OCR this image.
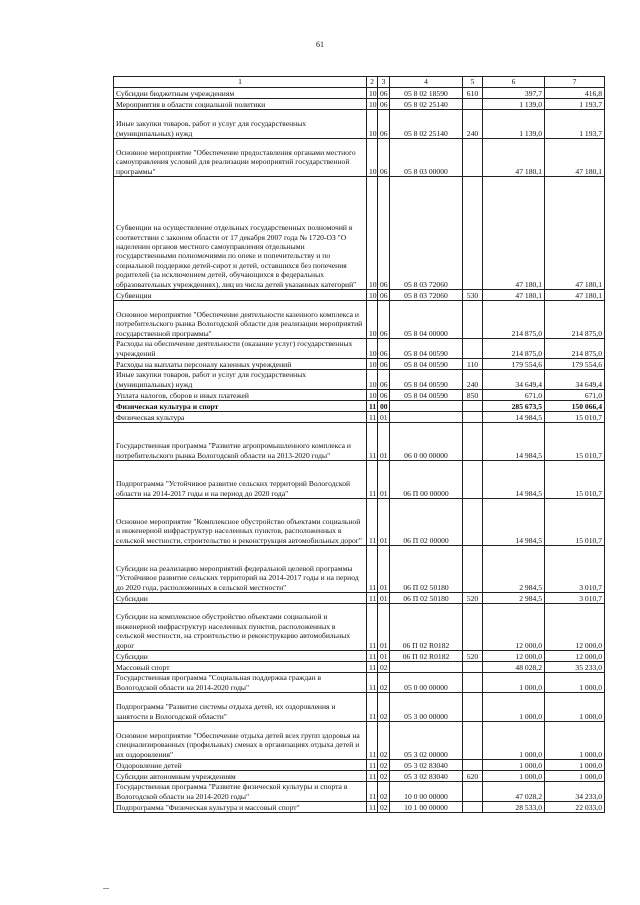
61
1	2	3	4	5	6	7
Субсидии бюджетным учреждениям	10	06	05 8 02 18590	610	397,7	416,8
Мероприятия в области социальной политики	10	06	05 8 02 25140		1 139,0	1 193,7
Иные закупки товаров, работ и услуг для государственных (муниципальных) нужд	10	06	05 8 02 25140	240	1 139,0	1 193,7
Основное мероприятие "Обеспечение предоставления органами местного самоуправления условий для реализации мероприятий государственной программы"	10	06	05 8 03 00000		47 180,1	47 180,1
Субвенции на осуществление отдельных государственных полномочий в соответствии с законом области от 17 декабря 2007 года № 1720-ОЗ "О наделении органов местного самоуправления отдельными государственными полномочиями по опеке и попечительству и по социальной поддержке детей-сирот и детей, оставшихся без попечения родителей (за исключением детей, обучающихся в федеральных образовательных учреждениях), лиц из числа детей указанных категорий"	10	06	05 8 03 72060		47 180,1	47 180,1
Субвенции	10	06	05 8 03 72060	530	47 180,1	47 180,1
Основное мероприятие "Обеспечение деятельности казенного комплекса и потребительского рынка Вологодской области для реализации мероприятий государственной программы"	10	06	05 8 04 00000		214 875,0	214 875,0
Расходы на обеспечение деятельности (оказание услуг) государственных учреждений	10	06	05 8 04 00590		214 875,0	214 875,0
Расходы на выплаты персоналу казенных учреждений	10	06	05 8 04 00590	110	179 554,6	179 554,6
Иные закупки товаров, работ и услуг для государственных (муниципальных) нужд	10	06	05 8 04 00590	240	34 649,4	34 649,4
Уплата налогов, сборов и иных платежей	10	06	05 8 04 00590	850	671,0	671,0
Физическая культура и спорт	11	00			285 673,5	150 066,4
Физическая культура	11	01			14 984,5	15 010,7
Государственная программа "Развитие агропромышленного комплекса и потребительского рынка Вологодской области на 2013-2020 годы"	11	01	06 0 00 00000		14 984,5	15 010,7
Подпрограмма "Устойчивое развитие сельских территорий Вологодской области на 2014-2017 годы и на период до 2020 года"	11	01	06 П 00 00000		14 984,5	15 010,7
Основное мероприятие "Комплексное обустройство объектами социальной и инженерной инфраструктур населенных пунктов, расположенных в сельской местности, строительство и реконструкция автомобильных дорог"	11	01	06 П 02 00000		14 984,5	15 010,7
Субсидии на реализацию мероприятий федеральной целевой программы "Устойчивое развитие сельских территорий на 2014-2017 годы и на период до 2020 года, расположенных в сельской местности"	11	01	06 П 02 50180		2 984,5	3 010,7
Субсидии	11	01	06 П 02 50180	520	2 984,5	3 010,7
Субсидии на комплексное обустройство объектами социальной и инженерной инфраструктур населенных пунктов, расположенных в сельской местности, на строительство и реконструкцию автомобильных дорог	11	01	06 П 02 R0182		12 000,0	12 000,0
Субсидии	11	01	06 П 02 R0182	520	12 000,0	12 000,0
Массовый спорт	11	02			48 028,2	35 233,0
Государственная программа "Социальная поддержка граждан в Вологодской области на 2014-2020 годы"	11	02	05 0 00 00000		1 000,0	1 000,0
Подпрограмма "Развитие системы отдыха детей, их оздоровления и занятости в Вологодской области"	11	02	05 3 00 00000		1 000,0	1 000,0
Основное мероприятие "Обеспечение отдыха детей всех групп здоровья на специализированных (профильных) сменах в организациях отдыха детей и их оздоровления"	11	02	05 3 02 00000		1 000,0	1 000,0
Оздоровление детей	11	02	05 3 02 83040		1 000,0	1 000,0
Субсидии автономным учреждениям	11	02	05 3 02 83040	620	1 000,0	1 000,0
Государственная программа "Развитие физической культуры и спорта в Вологодской области на 2014-2020 годы"	11	02	10 0 00 00000		47 028,2	34 233,0
Подпрограмма "Физическая культура и массовый спорт"	11	02	10 1 00 00000		28 533,0	22 033,0
